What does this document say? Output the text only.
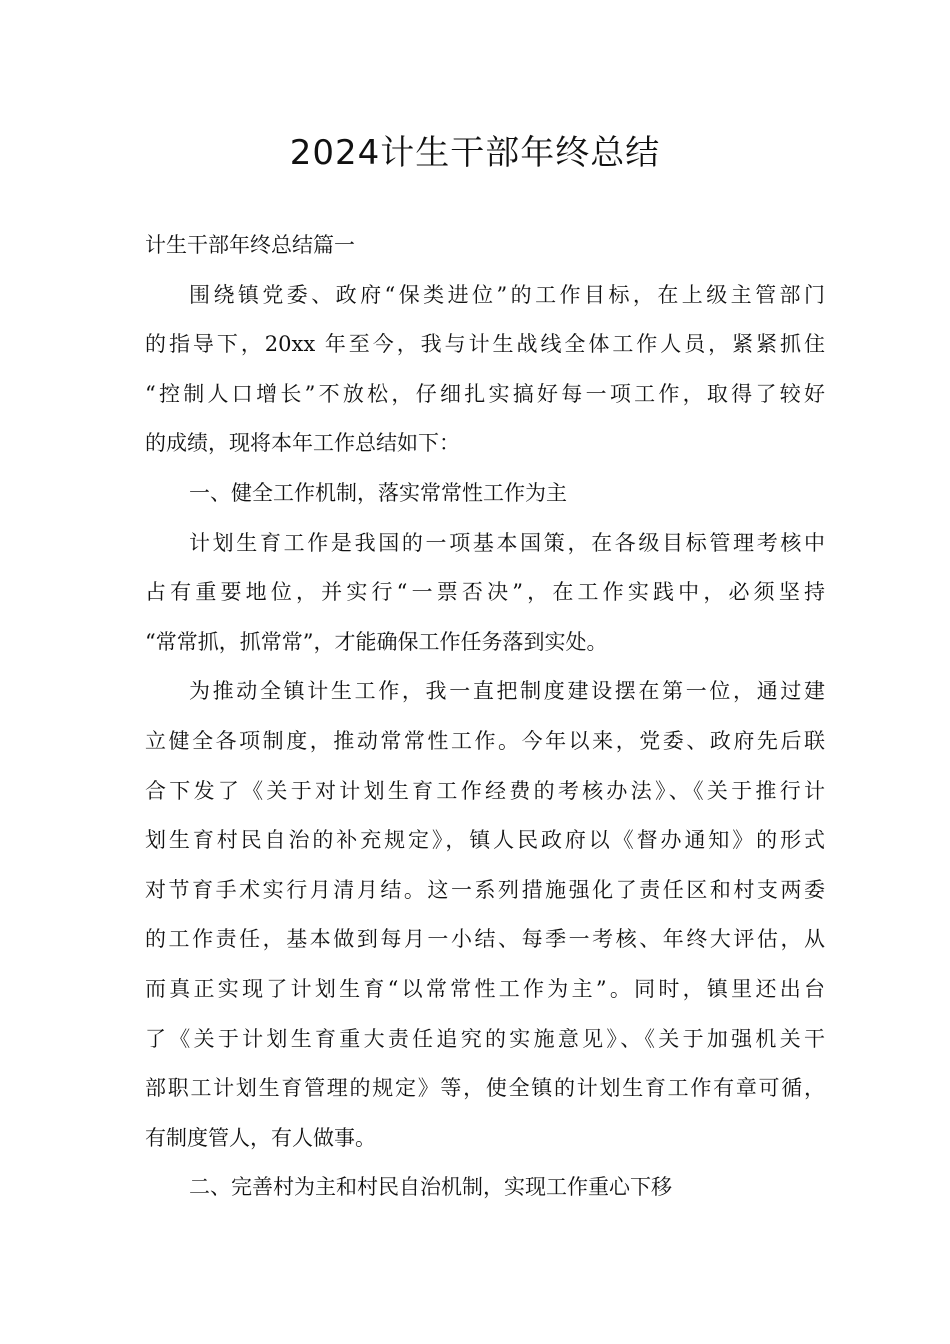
2024计生干部年终总结
计生干部年终总结篇一
围绕镇党委、政府“保类进位”的工作目标，在上级主管部门
的指导下，20xx 年至今，我与计生战线全体工作人员，紧紧抓住
“控制人口增长”不放松，仔细扎实搞好每一项工作，取得了较好
的成绩，现将本年工作总结如下：
一、健全工作机制，落实常常性工作为主
计划生育工作是我国的一项基本国策，在各级目标管理考核中
占有重要地位，并实行“一票否决”，在工作实践中，必须坚持
“常常抓，抓常常”，才能确保工作任务落到实处。
为推动全镇计生工作，我一直把制度建设摆在第一位，通过建
立健全各项制度，推动常常性工作。今年以来，党委、政府先后联
合下发了《关于对计划生育工作经费的考核办法》、《关于推行计
划生育村民自治的补充规定》，镇人民政府以《督办通知》的形式
对节育手术实行月清月结。这一系列措施强化了责任区和村支两委
的工作责任，基本做到每月一小结、每季一考核、年终大评估，从
而真正实现了计划生育“以常常性工作为主”。同时，镇里还出台
了《关于计划生育重大责任追究的实施意见》、《关于加强机关干
部职工计划生育管理的规定》等，使全镇的计划生育工作有章可循，
有制度管人，有人做事。
二、完善村为主和村民自治机制，实现工作重心下移
